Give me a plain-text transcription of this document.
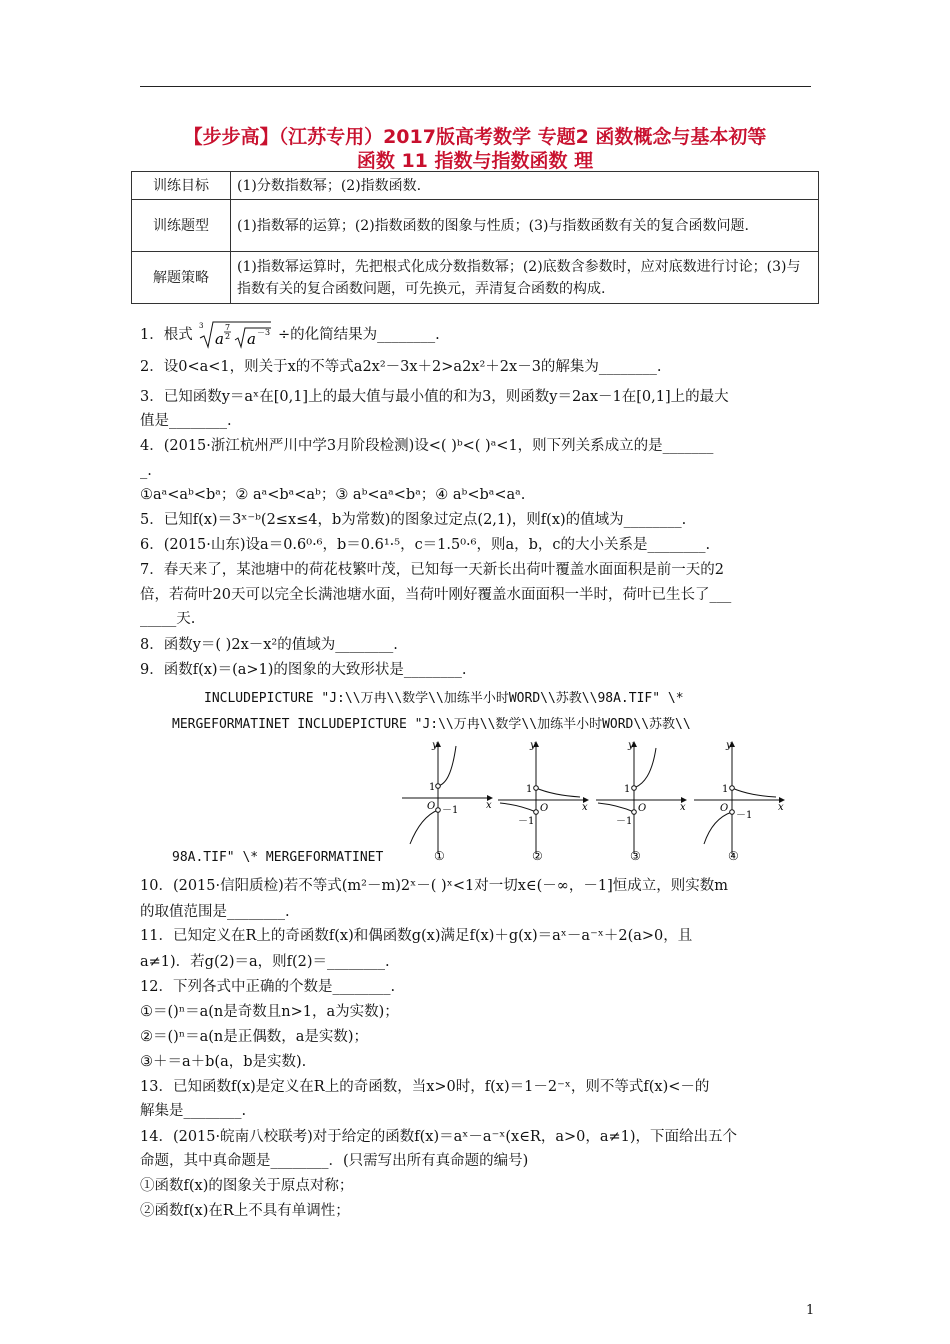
【步步高】（江苏专用）2017版高考数学 专题2 函数概念与基本初等
函数 11 指数与指数函数 理
训练目标	(1)分数指数幂；(2)指数函数.
训练题型	(1)指数幂的运算；(2)指数函数的图象与性质；(3)与指数函数有关的复合函数问题.
解题策略	(1)指数幂运算时，先把根式化成分数指数幂；(2)底数含参数时，应对底数进行讨论；(3)与指数有关的复合函数问题，可先换元，弄清复合函数的构成.
1．根式
3
a
7
2 a －3 ÷的化简结果为________.
2．设0<a<1，则关于x的不等式a2x²－3x＋2>a2x²＋2x－3的解集为________.
3．已知函数y＝aˣ在[0,1]上的最大值与最小值的和为3，则函数y＝2ax－1在[0,1]上的最大
值是________.
4．(2015·浙江杭州严川中学3月阶段检测)设<( )ᵇ<( )ᵃ<1，则下列关系成立的是_______
_.
①aᵃ<aᵇ<bᵃ；② aᵃ<bᵃ<aᵇ；③ aᵇ<aᵃ<bᵃ；④ aᵇ<bᵃ<aᵃ.
5．已知f(x)＝3ˣ⁻ᵇ(2≤x≤4，b为常数)的图象过定点(2,1)，则f(x)的值域为________.
6．(2015·山东)设a＝0.6⁰·⁶，b＝0.6¹·⁵，c＝1.5⁰·⁶，则a，b，c的大小关系是________.
7．春天来了，某池塘中的荷花枝繁叶茂，已知每一天新长出荷叶覆盖水面面积是前一天的2
倍，若荷叶20天可以完全长满池塘水面，当荷叶刚好覆盖水面面积一半时，荷叶已生长了___
_____天.
8．函数y＝( )2x－x²的值域为________.
9．函数f(x)＝(a>1)的图象的大致形状是________.
INCLUDEPICTURE "J:\\万冉\\数学\\加练半小时WORD\\苏教\\98A.TIF" \*
MERGEFORMATINET INCLUDEPICTURE "J:\\万冉\\数学\\加练半小时WORD\\苏教\\
98A.TIF" \* MERGEFORMATINET
y
x
O
1
－1
①
y
x
O
1
－1
②
y
x
O
1
－1
③
y
x
O
1
－1
④
10．(2015·信阳质检)若不等式(m²－m)2ˣ－( )ˣ<1对一切x∈(－∞，－1]恒成立，则实数m
的取值范围是________.
11．已知定义在R上的奇函数f(x)和偶函数g(x)满足f(x)＋g(x)＝aˣ－a⁻ˣ＋2(a>0，且
a≠1)．若g(2)＝a，则f(2)＝________.
12．下列各式中正确的个数是________.
①＝()ⁿ＝a(n是奇数且n>1，a为实数)；
②＝()ⁿ＝a(n是正偶数，a是实数)；
③＋＝a＋b(a，b是实数).
13．已知函数f(x)是定义在R上的奇函数，当x>0时，f(x)＝1－2⁻ˣ，则不等式f(x)<－的
解集是________.
14．(2015·皖南八校联考)对于给定的函数f(x)＝aˣ－a⁻ˣ(x∈R，a>0，a≠1)，下面给出五个
命题，其中真命题是________．(只需写出所有真命题的编号)
①函数f(x)的图象关于原点对称；
②函数f(x)在R上不具有单调性；
1
